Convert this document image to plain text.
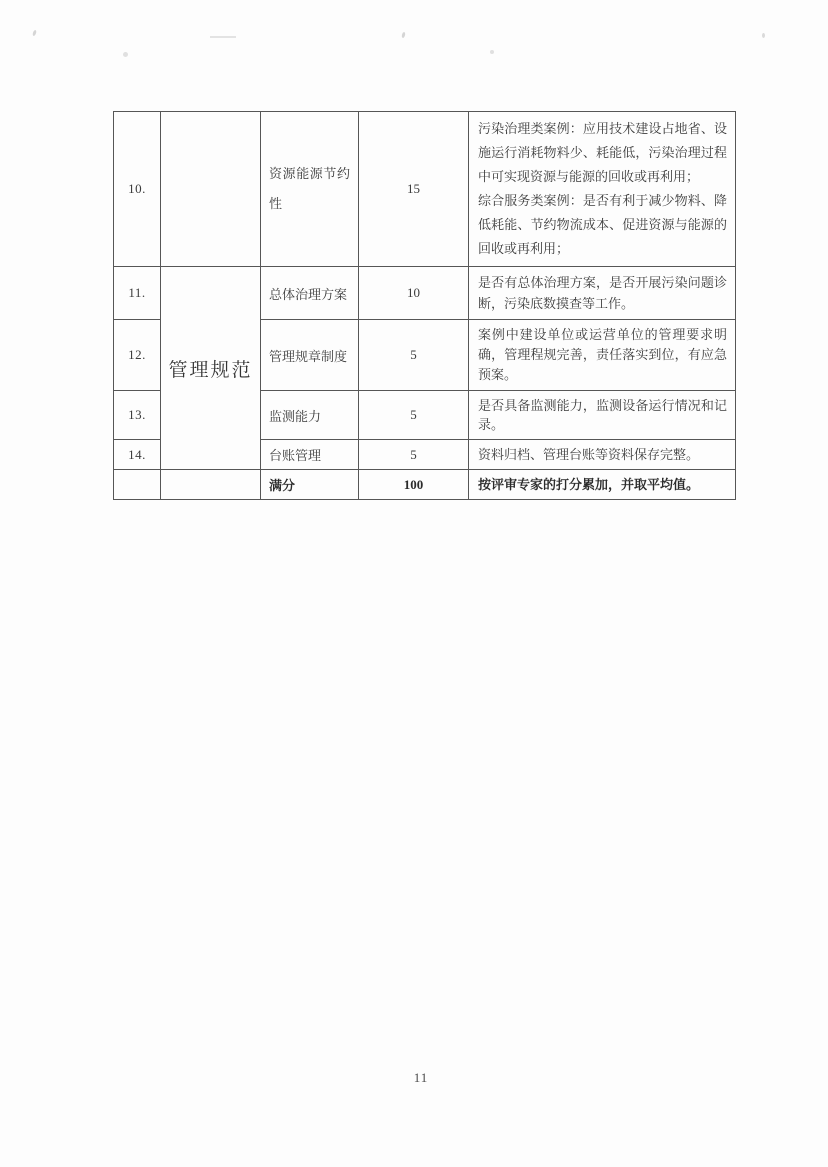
10.		资源能源节约性	15	污染治理类案例：应用技术建设占地省、设施运行消耗物料少、耗能低，污染治理过程中可实现资源与能源的回收或再利用；

综合服务类案例：是否有利于减少物料、降低耗能、节约物流成本、促进资源与能源的回收或再利用；

11.	管理规范	总体治理方案	10	是否有总体治理方案，是否开展污染问题诊断，污染底数摸查等工作。
12.		管理规章制度	5	案例中建设单位或运营单位的管理要求明确，管理程规完善，责任落实到位，有应急预案。
13.		监测能力	5	是否具备监测能力，监测设备运行情况和记录。
14.		台账管理	5	资料归档、管理台账等资料保存完整。
		满分	100	按评审专家的打分累加，并取平均值。
11
